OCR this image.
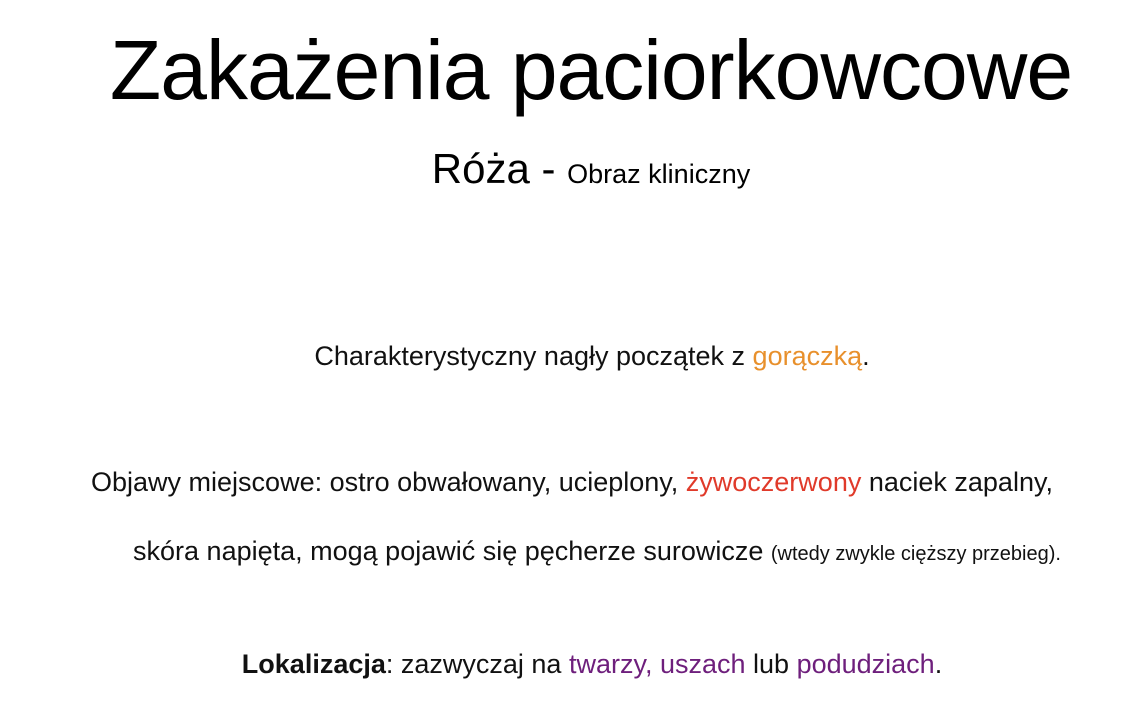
Zakażenia paciorkowcowe
Róża - Obraz kliniczny

Charakterystyczny nagły początek z gorączką.

Objawy miejscowe: ostro obwałowany, ucieplony, żywoczerwony naciek zapalny,

skóra napięta, mogą pojawić się pęcherze surowicze (wtedy zwykle cięższy przebieg).

Lokalizacja: zazwyczaj na twarzy, uszach lub podudziach.
